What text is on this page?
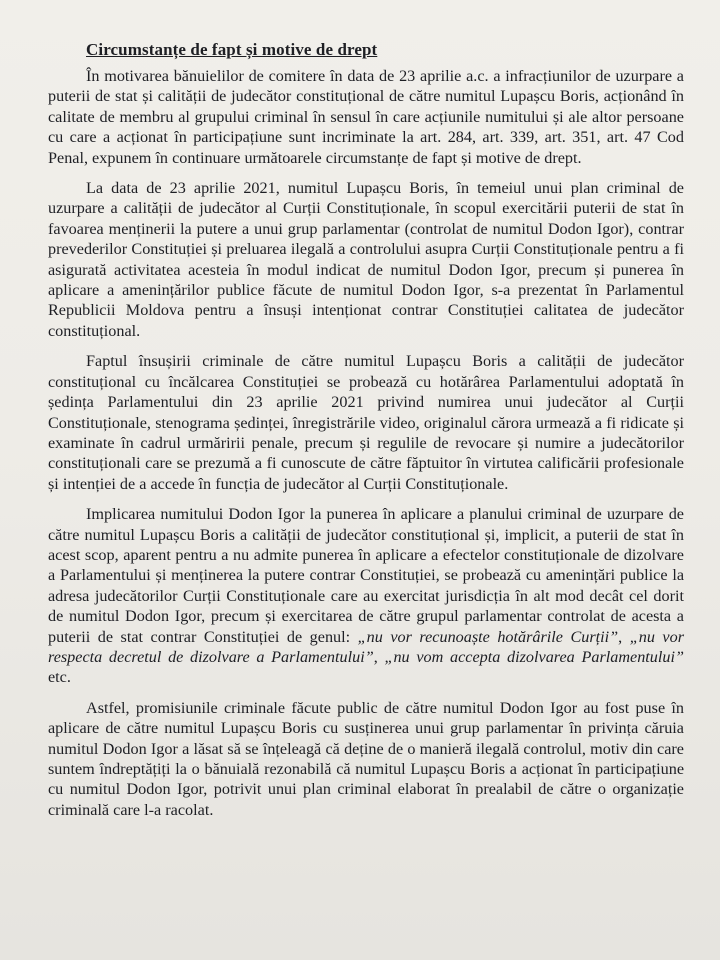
Circumstanțe de fapt și motive de drept

În motivarea bănuielilor de comitere în data de 23 aprilie a.c. a infracțiunilor de uzurpare a puterii de stat și calității de judecător constituțional de către numitul Lupașcu Boris, acționând în calitate de membru al grupului criminal în sensul în care acțiunile numitului și ale altor persoane cu care a acționat în participațiune sunt incriminate la art. 284, art. 339, art. 351, art. 47 Cod Penal, expunem în continuare următoarele circumstanțe de fapt și motive de drept.

La data de 23 aprilie 2021, numitul Lupașcu Boris, în temeiul unui plan criminal de uzurpare a calității de judecător al Curții Constituționale, în scopul exercitării puterii de stat în favoarea menținerii la putere a unui grup parlamentar (controlat de numitul Dodon Igor), contrar prevederilor Constituției și preluarea ilegală a controlului asupra Curții Constituționale pentru a fi asigurată activitatea acesteia în modul indicat de numitul Dodon Igor, precum și punerea în aplicare a amenințărilor publice făcute de numitul Dodon Igor, s-a prezentat în Parlamentul Republicii Moldova pentru a însuși intenționat contrar Constituției calitatea de judecător constituțional.

Faptul însușirii criminale de către numitul Lupașcu Boris a calității de judecător constituțional cu încălcarea Constituției se probează cu hotărârea Parlamentului adoptată în ședința Parlamentului din 23 aprilie 2021 privind numirea unui judecător al Curții Constituționale, stenograma ședinței, înregistrările video, originalul cărora urmează a fi ridicate și examinate în cadrul urmăririi penale, precum și regulile de revocare și numire a judecătorilor constituționali care se prezumă a fi cunoscute de către făptuitor în virtutea calificării profesionale și intenției de a accede în funcția de judecător al Curții Constituționale.

Implicarea numitului Dodon Igor la punerea în aplicare a planului criminal de uzurpare de către numitul Lupașcu Boris a calității de judecător constituțional și, implicit, a puterii de stat în acest scop, aparent pentru a nu admite punerea în aplicare a efectelor constituționale de dizolvare a Parlamentului și menținerea la putere contrar Constituției, se probează cu amenințări publice la adresa judecătorilor Curții Constituționale care au exercitat jurisdicția în alt mod decât cel dorit de numitul Dodon Igor, precum și exercitarea de către grupul parlamentar controlat de acesta a puterii de stat contrar Constituției de genul: „nu vor recunoaște hotărârile Curții”, „nu vor respecta decretul de dizolvare a Parlamentului”, „nu vom accepta dizolvarea Parlamentului” etc.

Astfel, promisiunile criminale făcute public de către numitul Dodon Igor au fost puse în aplicare de către numitul Lupașcu Boris cu susținerea unui grup parlamentar în privința căruia numitul Dodon Igor a lăsat să se înțeleagă că deține de o manieră ilegală controlul, motiv din care suntem îndreptățiți la o bănuială rezonabilă că numitul Lupașcu Boris a acționat în participațiune cu numitul Dodon Igor, potrivit unui plan criminal elaborat în prealabil de către o organizație criminală care l-a racolat.
